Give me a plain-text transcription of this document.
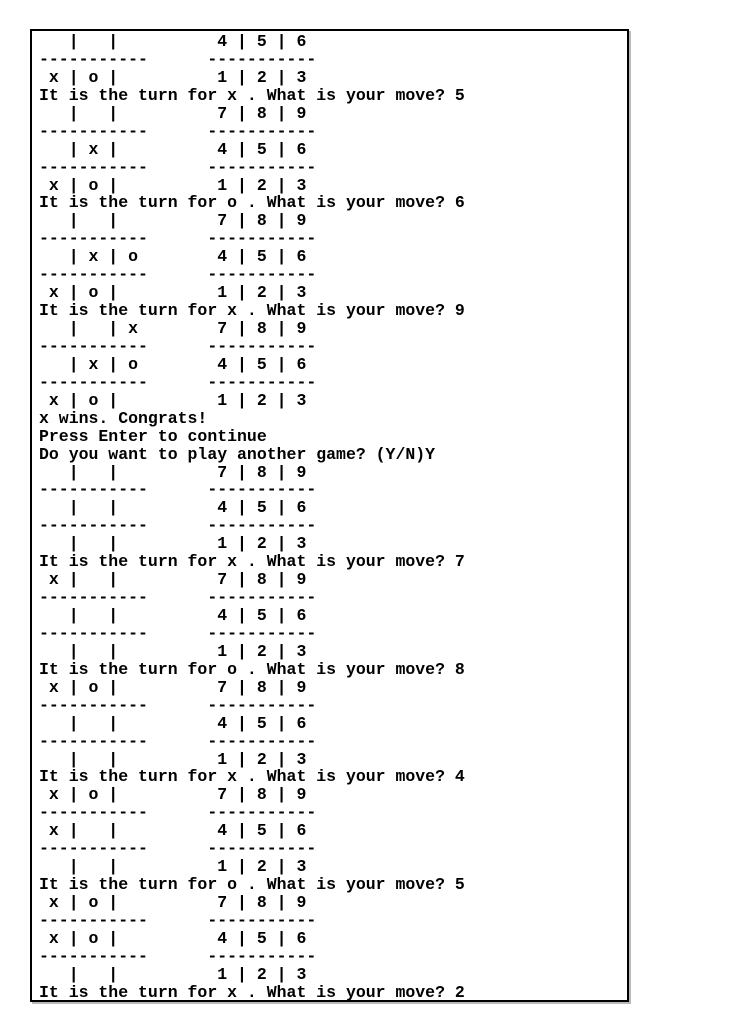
|   |          4 | 5 | 6
-----------      -----------
x | o |          1 | 2 | 3
It is the turn for x . What is your move? 5
|   |          7 | 8 | 9
-----------      -----------
| x |          4 | 5 | 6
-----------      -----------
x | o |          1 | 2 | 3
It is the turn for o . What is your move? 6
|   |          7 | 8 | 9
-----------      -----------
| x | o        4 | 5 | 6
-----------      -----------
x | o |          1 | 2 | 3
It is the turn for x . What is your move? 9
|   | x        7 | 8 | 9
-----------      -----------
| x | o        4 | 5 | 6
-----------      -----------
x | o |          1 | 2 | 3
x wins. Congrats!
Press Enter to continue
Do you want to play another game? (Y/N)Y
|   |          7 | 8 | 9
-----------      -----------
|   |          4 | 5 | 6
-----------      -----------
|   |          1 | 2 | 3
It is the turn for x . What is your move? 7
x |   |          7 | 8 | 9
-----------      -----------
|   |          4 | 5 | 6
-----------      -----------
|   |          1 | 2 | 3
It is the turn for o . What is your move? 8
x | o |          7 | 8 | 9
-----------      -----------
|   |          4 | 5 | 6
-----------      -----------
|   |          1 | 2 | 3
It is the turn for x . What is your move? 4
x | o |          7 | 8 | 9
-----------      -----------
x |   |          4 | 5 | 6
-----------      -----------
|   |          1 | 2 | 3
It is the turn for o . What is your move? 5
x | o |          7 | 8 | 9
-----------      -----------
x | o |          4 | 5 | 6
-----------      -----------
|   |          1 | 2 | 3
It is the turn for x . What is your move? 2
